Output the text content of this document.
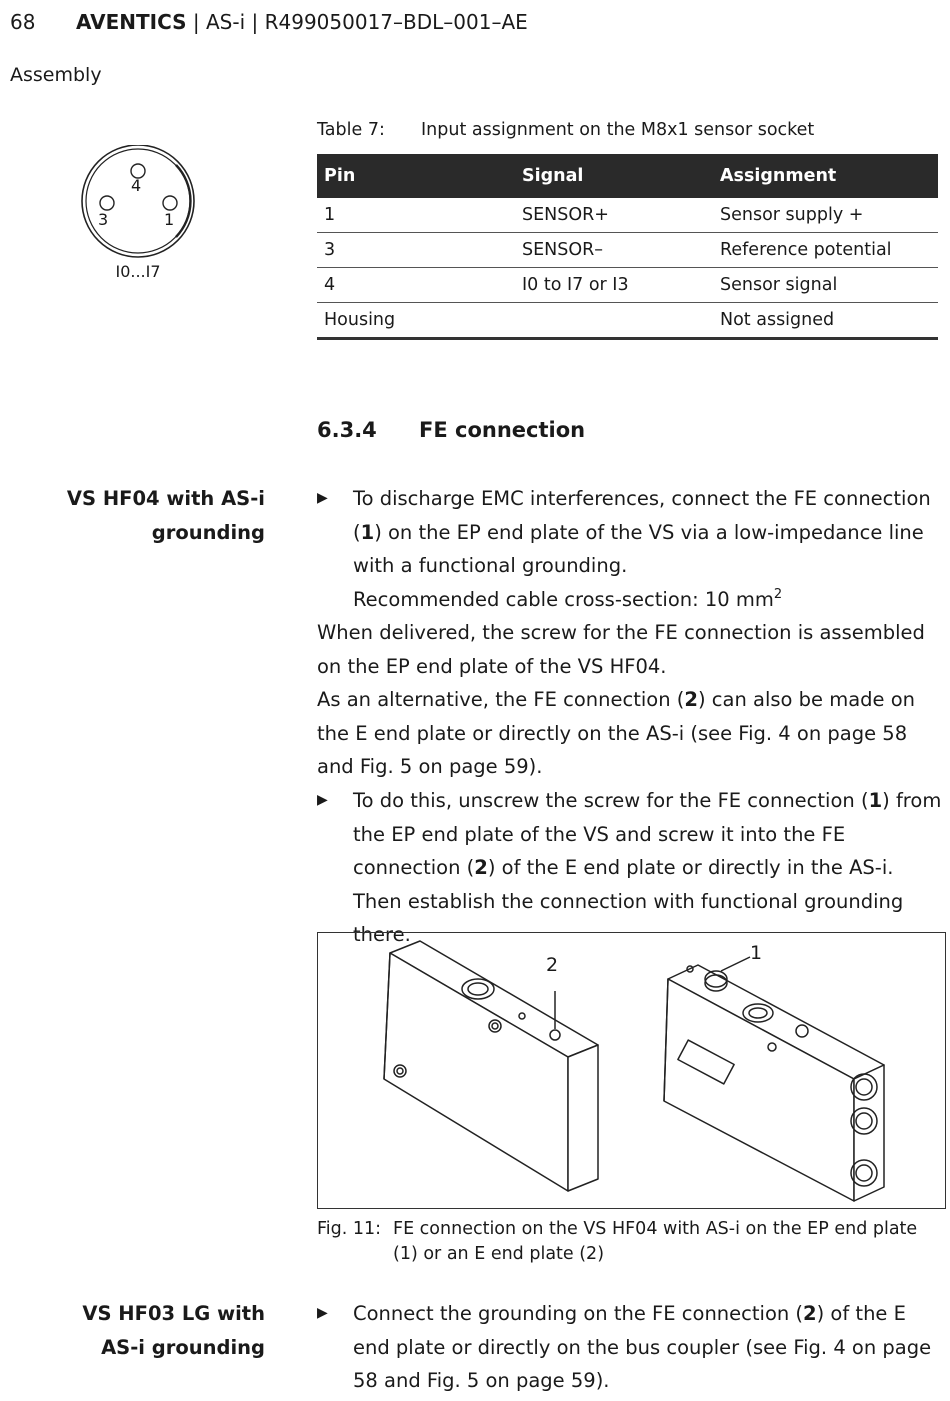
68 AVENTICS | AS-i | R499050017–BDL–001–AE
Assembly
4
3	1
I0...I7
Table 7: Input assignment on the M8x1 sensor socket
Pin	Signal	Assignment
1	SENSOR+	Sensor supply +
3	SENSOR–	Reference potential
4	I0 to I7 or I3	Sensor signal
Housing		Not assigned
6.3.4 FE connection
VS HF04 with AS-i
grounding
▶ To discharge EMC interferences, connect the FE connection (1) on the EP end plate of the VS via a low-impedance line with a functional grounding.
Recommended cable cross-section: 10 $mm^2$

When delivered, the screw for the FE connection is assembled on the EP end plate of the VS HF04.

As an alternative, the FE connection (2) can also be made on the E end plate or directly on the AS-i (see Fig. 4 on page 58 and Fig. 5 on page 59).

▶ To do this, unscrew the screw for the FE connection (1) from the EP end plate of the VS and screw it into the FE connection (2) of the E end plate or directly in the AS-i. Then establish the connection with functional grounding there.
2
1
Fig. 11: FE connection on the VS HF04 with AS-i on the EP end plate (1) or an E end plate (2)
VS HF03 LG with
AS-i grounding
▶ Connect the grounding on the FE connection (2) of the E end plate or directly on the bus coupler (see Fig. 4 on page 58 and Fig. 5 on page 59).
